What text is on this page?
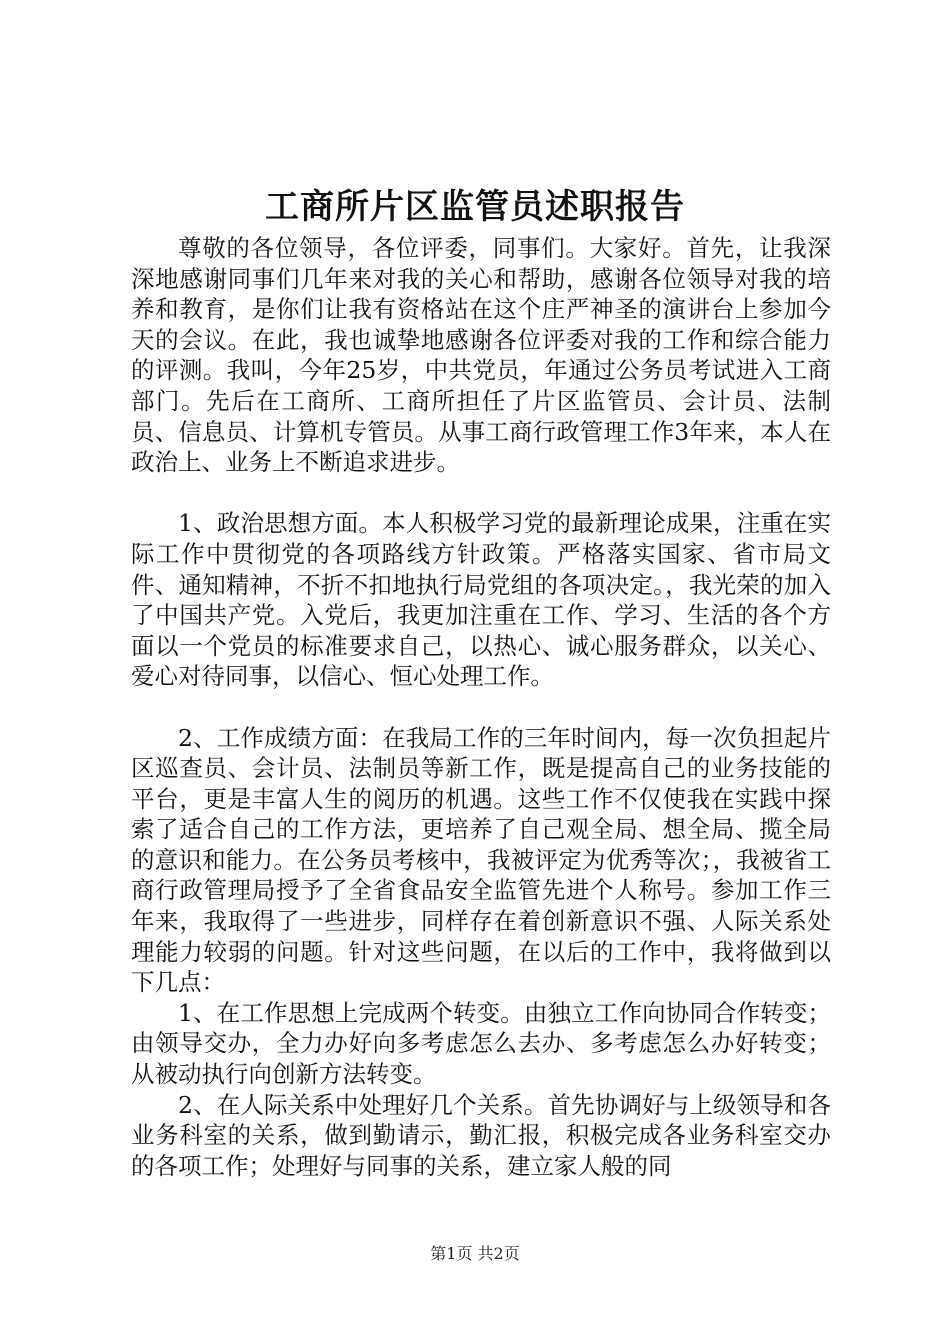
工商所片区监管员述职报告

尊敬的各位领导，各位评委，同事们。大家好。首先，让我深深地感谢同事们几年来对我的关心和帮助，感谢各位领导对我的培养和教育，是你们让我有资格站在这个庄严神圣的演讲台上参加今天的会议。在此，我也诚挚地感谢各位评委对我的工作和综合能力的评测。我叫，今年25岁，中共党员，年通过公务员考试进入工商部门。先后在工商所、工商所担任了片区监管员、会计员、法制员、信息员、计算机专管员。从事工商行政管理工作3年来，本人在政治上、业务上不断追求进步。

1、政治思想方面。本人积极学习党的最新理论成果，注重在实际工作中贯彻党的各项路线方针政策。严格落实国家、省市局文件、通知精神，不折不扣地执行局党组的各项决定。，我光荣的加入了中国共产党。入党后，我更加注重在工作、学习、生活的各个方面以一个党员的标准要求自己，以热心、诚心服务群众，以关心、爱心对待同事，以信心、恒心处理工作。

2、工作成绩方面：在我局工作的三年时间内，每一次负担起片区巡查员、会计员、法制员等新工作，既是提高自己的业务技能的平台，更是丰富人生的阅历的机遇。这些工作不仅使我在实践中探索了适合自己的工作方法，更培养了自己观全局、想全局、揽全局的意识和能力。在公务员考核中，我被评定为优秀等次；，我被省工商行政管理局授予了全省食品安全监管先进个人称号。参加工作三年来，我取得了一些进步，同样存在着创新意识不强、人际关系处理能力较弱的问题。针对这些问题，在以后的工作中，我将做到以下几点：

1、在工作思想上完成两个转变。由独立工作向协同合作转变；由领导交办，全力办好向多考虑怎么去办、多考虑怎么办好转变；从被动执行向创新方法转变。

2、在人际关系中处理好几个关系。首先协调好与上级领导和各业务科室的关系，做到勤请示，勤汇报，积极完成各业务科室交办的各项工作；处理好与同事的关系，建立家人般的同

第1页 共2页
